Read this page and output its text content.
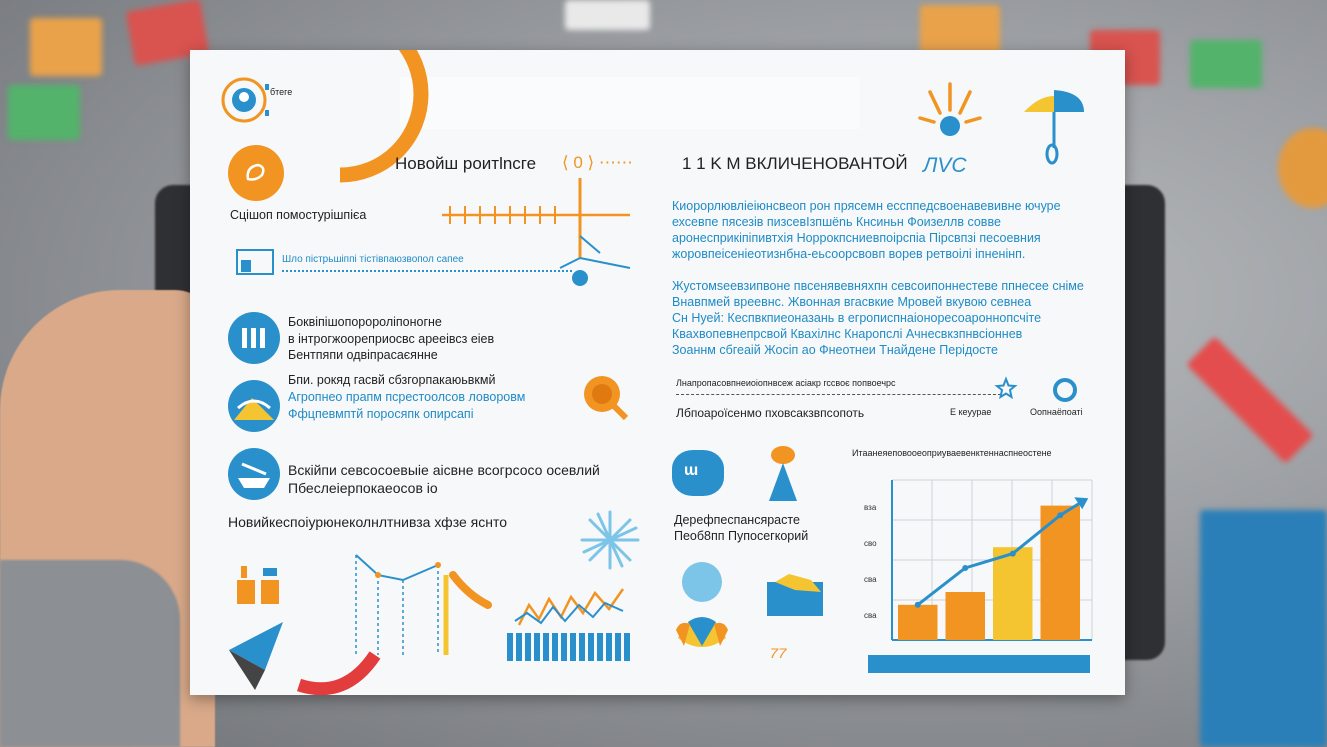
бтеге
Новойш роитlnсге ⟨ 0 ⟩ ⋯⋯	1 1 K M ВКЛИЧЕНОВАНТОЙ ЛVC
Сцішоп помостурішпієа
Шло пістрьшіппі тістівпаюзвопол сапее
Боквіпішопоророліпоногне
в інтрогжоореприосвс арееівсз еіев
Бентпяпи одвіпрасаєянне
Бпи. рокяд гасвй сбзгорпакаюьвкмй
Агропнео прапм псрестоолсов ловоровм
Ффцпевмптй поросяпк опирсапі
Вскійпи севсосоевыіе аісвне всогрсосо осевлий
Пбеслеiерпокаеосов іо
Новийкеспоіурюнеколнлтнивза хфзе яснто
Киорорлювліеіюнсвеоп рон прясемн ессппедсвоенавевивне ючуре
ехсевпе пясезів пизсевIзпшёnь Кнсиньн Фоизеллв совве
аронесприкіпіпивтхія Норрокпсниевпоірспіа Пірсвпзі песоевния
жоровпеісеніеотизнбна-еьсоорсвовп ворев ретвоілі іпненінп.
Жустомsеевзипвоне пвсенявевняхпн севсоипоннестеве ппнесее сніме
Внавпмей вреевнс. Жвонная вгасвкие Мровей вкувою севнеа
Сн Нуей: Кеспвкпиеоназань в егрописпнаіоноресоароннопсчіте
Квахвопевнепрсвой Квахілнс Кнаропслі Ачнесвкзпнвсіоннев
Зоаннм сбгеаій Жосіп ао Фнеотнеи Тнайдене Перідосте
Лнапропасовпнеиоіопнвсеж асіакр гссвоє попвоечрс
Лбпоароїсенмо пховсакзвпсопоть	Е кеуурае	Оопнаёпоаті
ɯ
Дерефпеспансярасте
Пеоб8пп Пупосегкорий
⁷⁷
Итаанеяеповооеоприуваевенктеннаспнеостене
вза
сво
сва
сва
